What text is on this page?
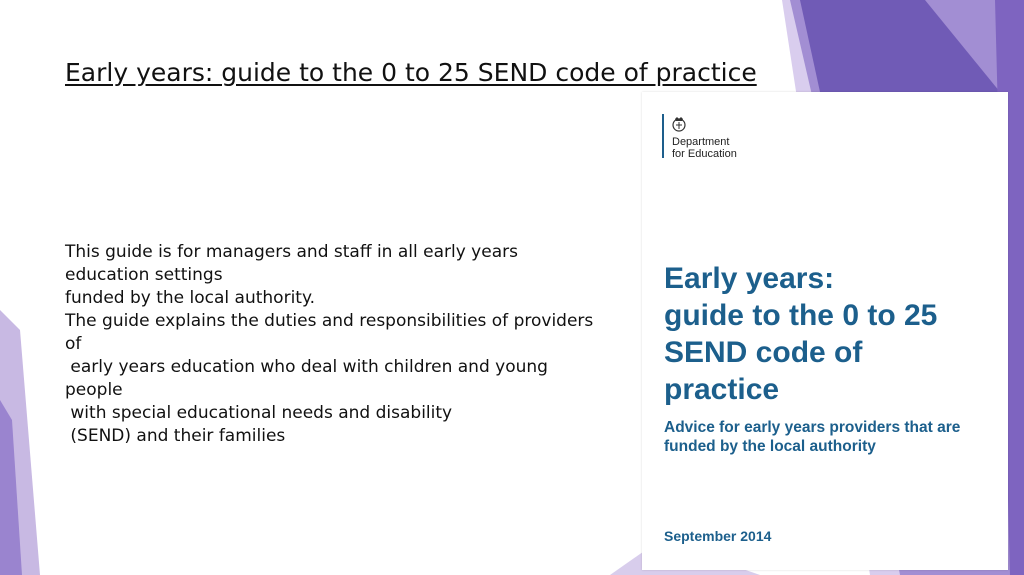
Early years: guide to the 0 to 25 SEND code of practice
This guide is for managers and staff in all early years
education settings
funded by the local authority.
The guide explains the duties and responsibilities of providers
of
early years education who deal with children and young
people
with special educational needs and disability
(SEND) and their families
Department
for Education
Early years:
guide to the 0 to 25
SEND code of
practice
Advice for early years providers that are
funded by the local authority
September 2014
